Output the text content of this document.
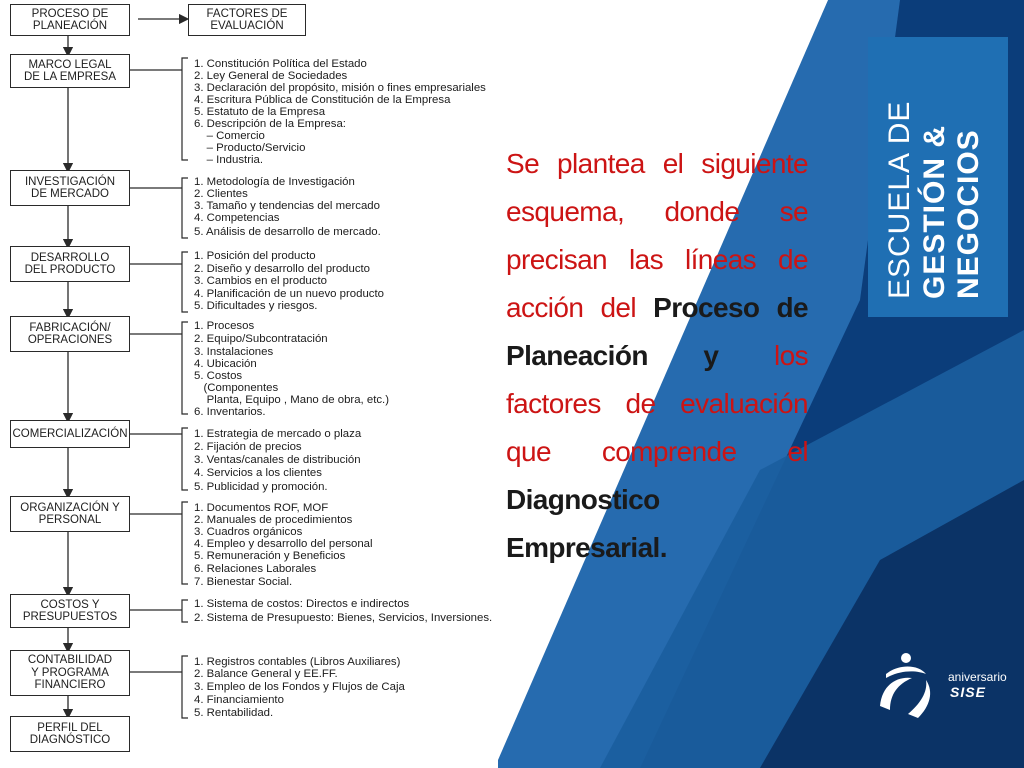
PROCESO DE
PLANEACIÓN
FACTORES DE
EVALUACIÓN
MARCO LEGAL
DE LA EMPRESA
INVESTIGACIÓN
DE MERCADO
DESARROLLO
DEL PRODUCTO
FABRICACIÓN/
OPERACIONES
COMERCIALIZACIÓN
ORGANIZACIÓN Y
PERSONAL
COSTOS Y
PRESUPUESTOS
CONTABILIDAD
Y PROGRAMA
FINANCIERO
PERFIL DEL
DIAGNÓSTICO
1. Constitución Política del Estado
2. Ley General de Sociedades
3. Declaración del propósito, misión o fines empresariales
4. Escritura Pública de Constitución de la Empresa
5. Estatuto de la Empresa
6. Descripción de la Empresa:
– Comercio
– Producto/Servicio
– Industria.
1. Metodología de Investigación
2. Clientes
3. Tamaño y tendencias del mercado
4. Competencias
5. Análisis de desarrollo de mercado.
1. Posición del producto
2. Diseño y desarrollo del producto
3. Cambios en el producto
4. Planificación de un nuevo producto
5. Dificultades y riesgos.
1. Procesos
2. Equipo/Subcontratación
3. Instalaciones
4. Ubicación
5. Costos
(Componentes
Planta, Equipo , Mano de obra, etc.)
6. Inventarios.
1. Estrategia de mercado o plaza
2. Fijación de precios
3. Ventas/canales de distribución
4. Servicios a los clientes
5. Publicidad y promoción.
1. Documentos ROF, MOF
2. Manuales de procedimientos
3. Cuadros orgánicos
4. Empleo y desarrollo del personal
5. Remuneración y Beneficios
6. Relaciones Laborales
7. Bienestar Social.
1. Sistema de costos: Directos e indirectos
2. Sistema de Presupuesto: Bienes, Servicios, Inversiones.
1. Registros contables (Libros Auxiliares)
2. Balance General y EE.FF.
3. Empleo de los Fondos y Flujos de Caja
4. Financiamiento
5. Rentabilidad.
Se plantea el siguiente esquema, donde se precisan las líneas de acción del Proceso de Planeación y los factores de evaluación que comprende el Diagnostico Empresarial.
ESCUELA DE GESTIÓN & NEGOCIOS
aniversario
SISE
